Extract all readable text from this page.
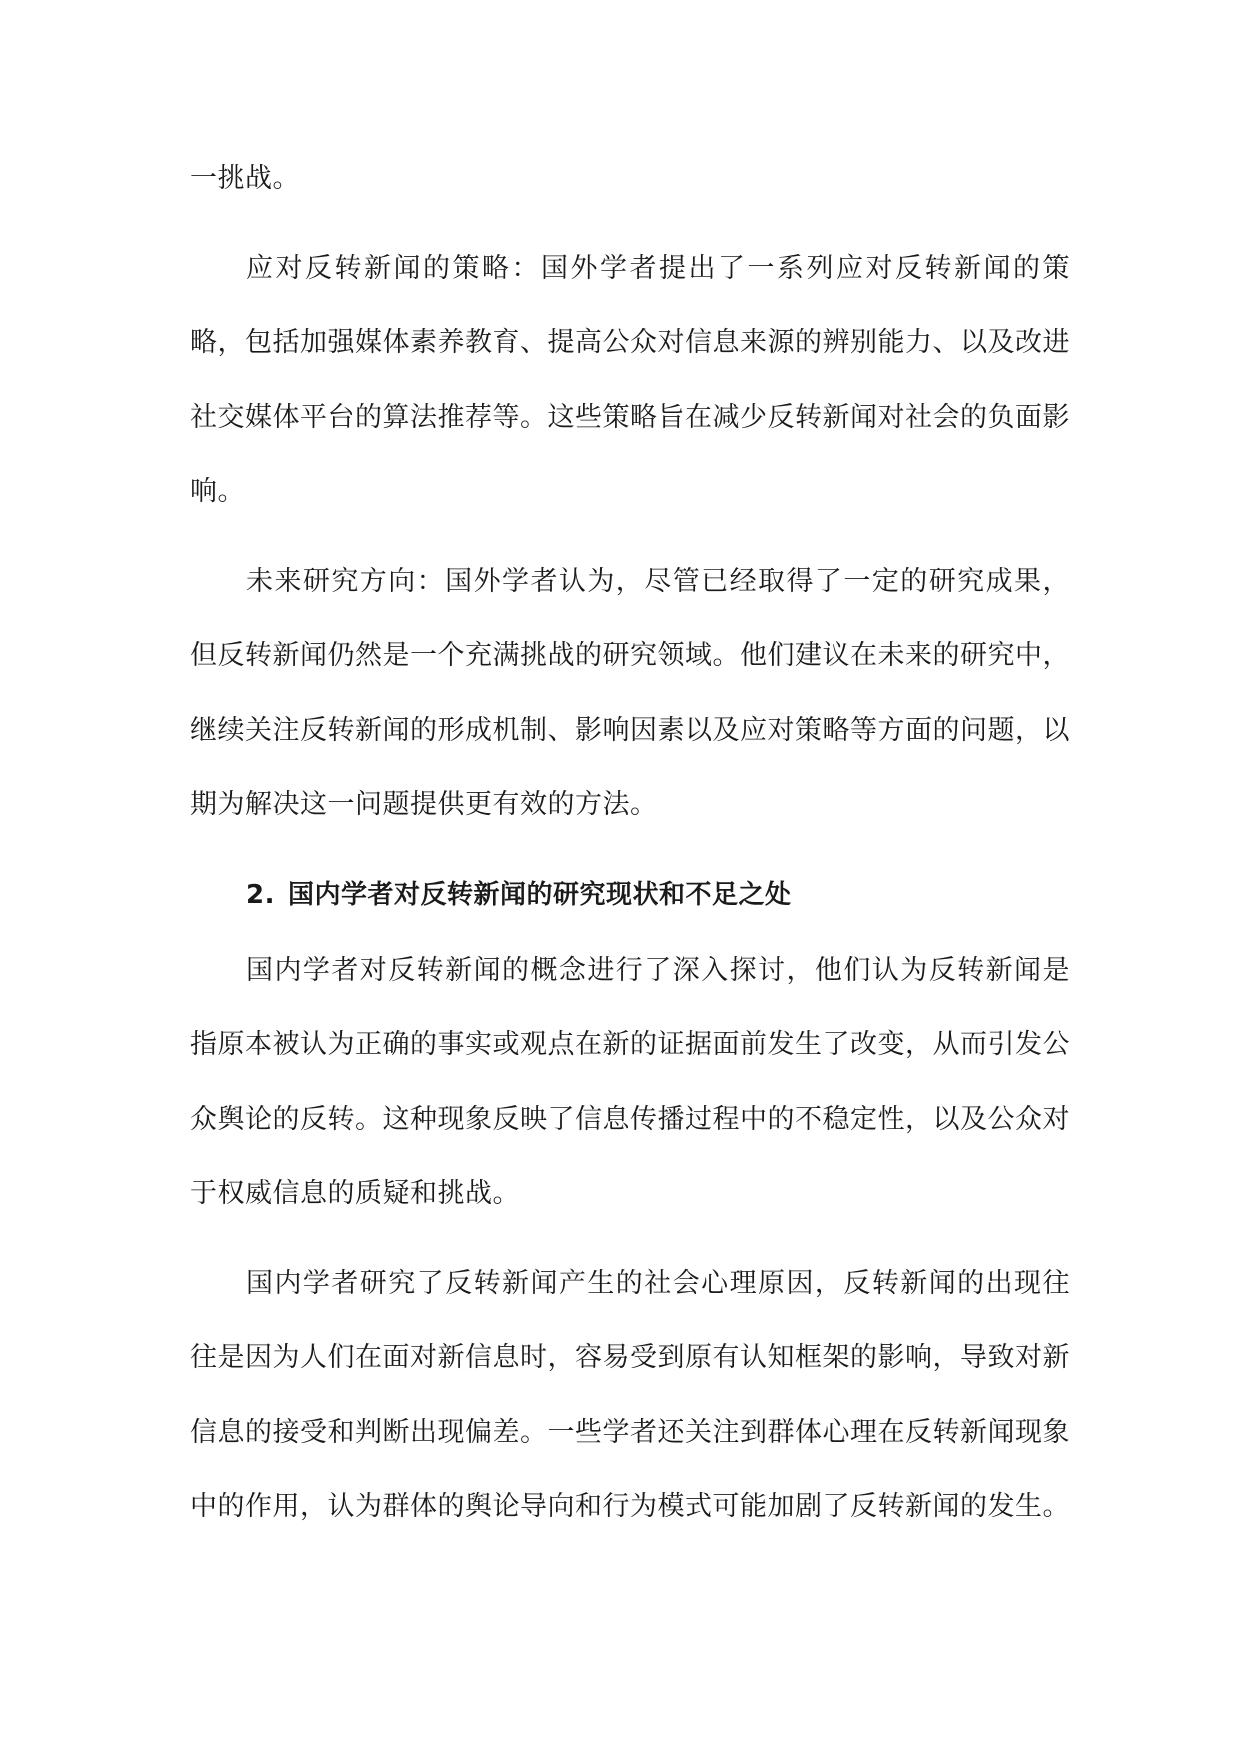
一挑战。

应对反转新闻的策略：国外学者提出了一系列应对反转新闻的策略，包括加强媒体素养教育、提高公众对信息来源的辨别能力、以及改进社交媒体平台的算法推荐等。这些策略旨在减少反转新闻对社会的负面影响。

未来研究方向：国外学者认为，尽管已经取得了一定的研究成果，但反转新闻仍然是一个充满挑战的研究领域。他们建议在未来的研究中，继续关注反转新闻的形成机制、影响因素以及应对策略等方面的问题，以期为解决这一问题提供更有效的方法。

2. 国内学者对反转新闻的研究现状和不足之处

国内学者对反转新闻的概念进行了深入探讨，他们认为反转新闻是指原本被认为正确的事实或观点在新的证据面前发生了改变，从而引发公众舆论的反转。这种现象反映了信息传播过程中的不稳定性，以及公众对于权威信息的质疑和挑战。

国内学者研究了反转新闻产生的社会心理原因，反转新闻的出现往往是因为人们在面对新信息时，容易受到原有认知框架的影响，导致对新信息的接受和判断出现偏差。一些学者还关注到群体心理在反转新闻现象中的作用，认为群体的舆论导向和行为模式可能加剧了反转新闻的发生。
